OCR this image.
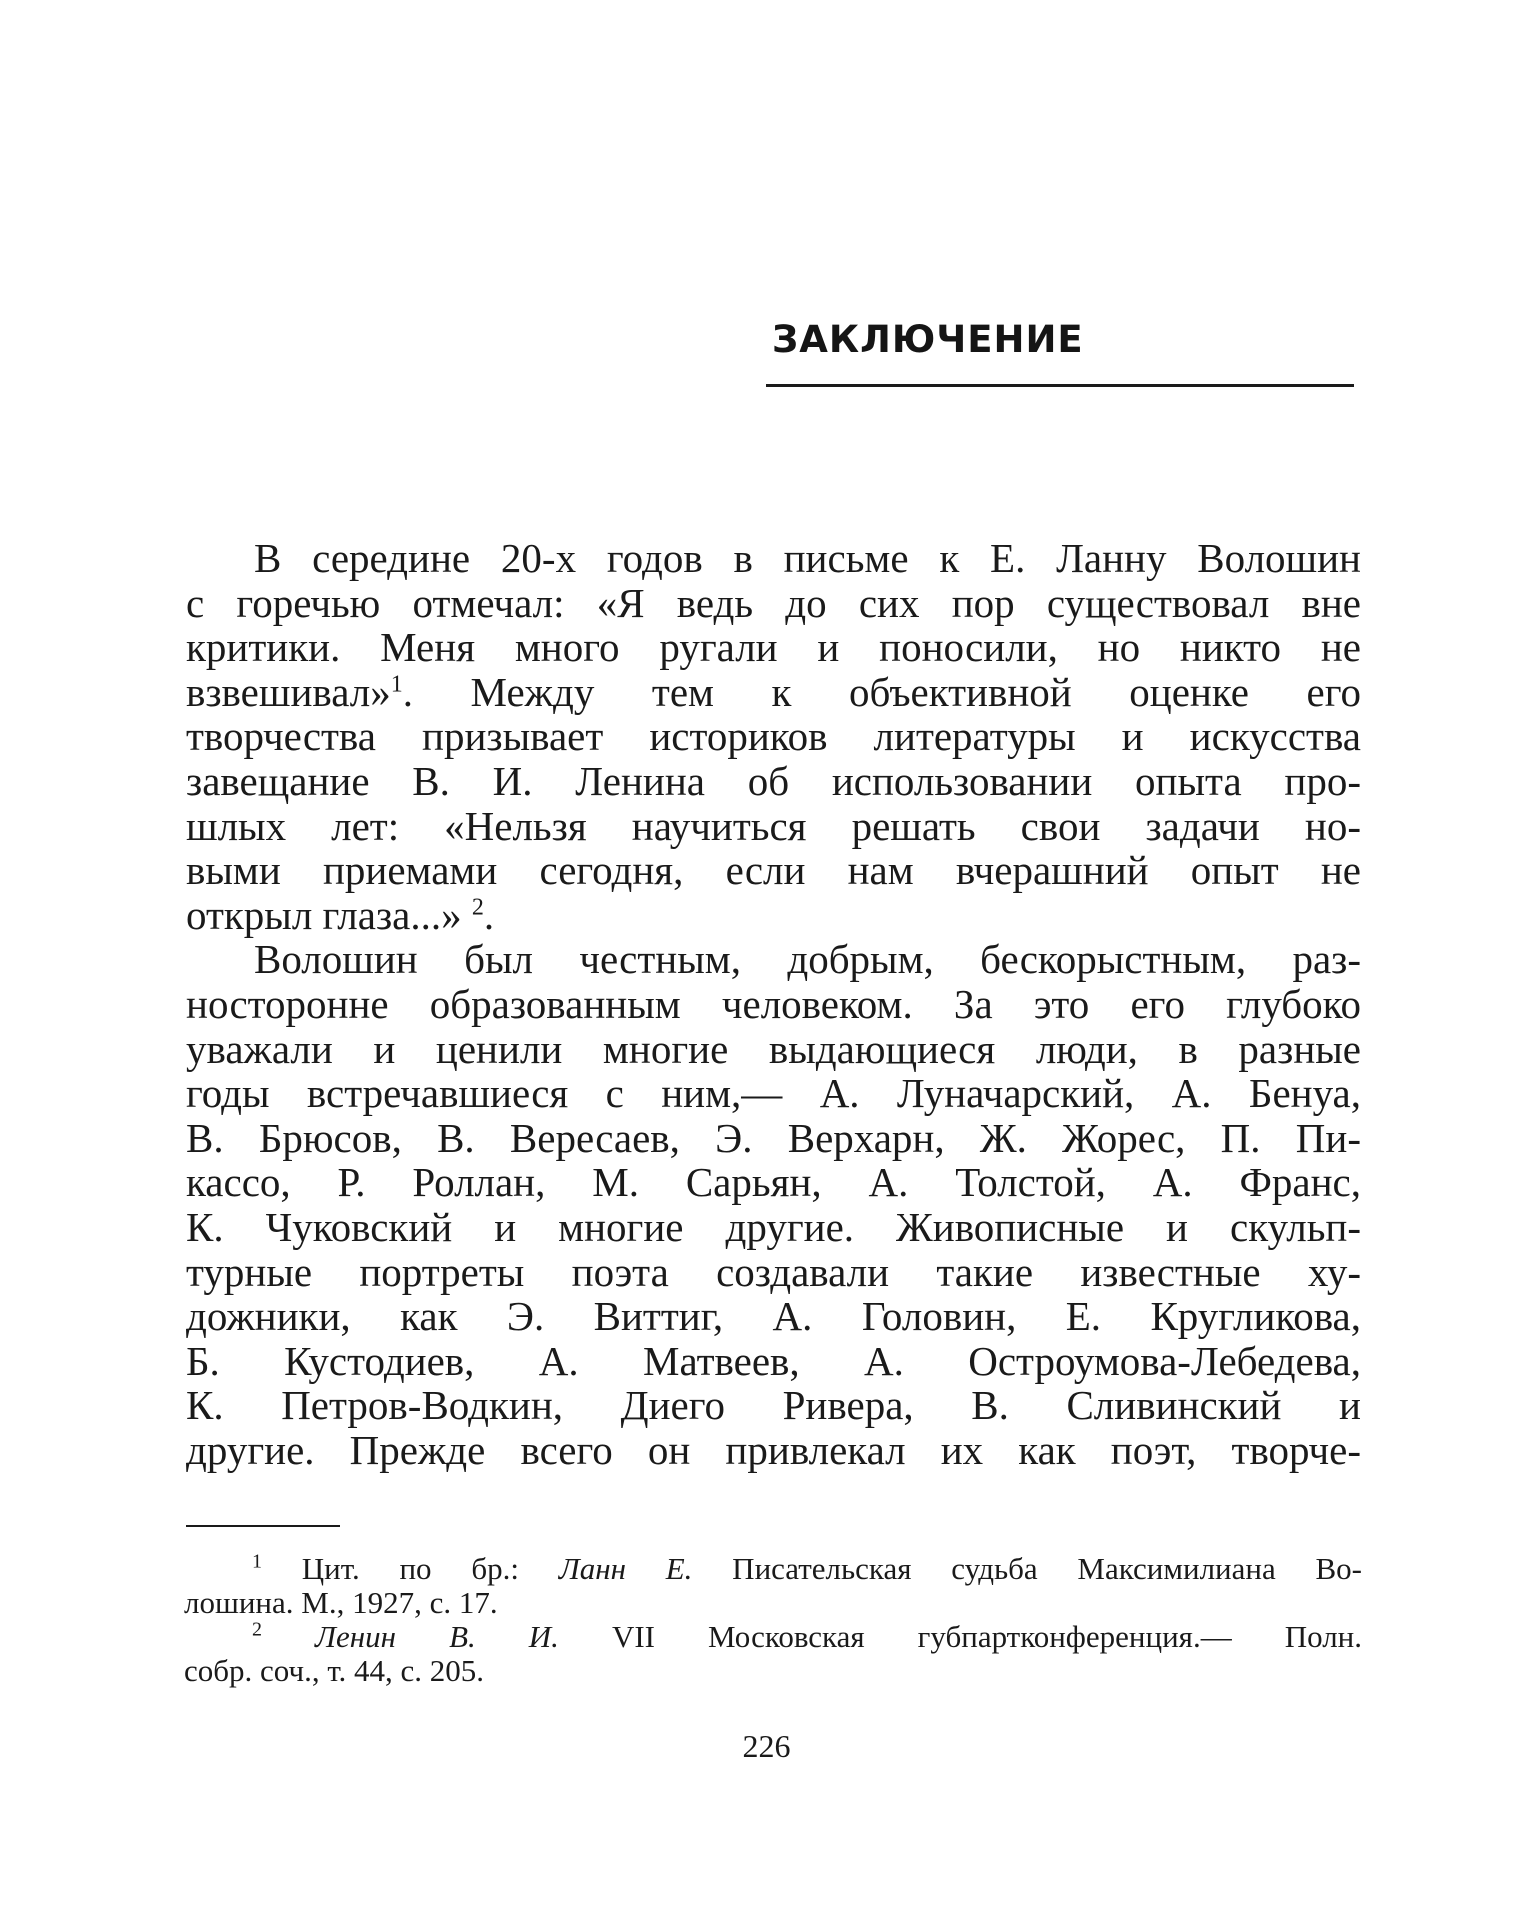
ЗАКЛЮЧЕНИЕ
В середине 20-х годов в письме к Е. Ланну Волошин
с горечью отмечал: «Я ведь до сих пор существовал вне
критики. Меня много ругали и поносили, но никто не
взвешивал»$^1$. Между тем к объективной оценке его
творчества призывает историков литературы и искусства
завещание В. И. Ленина об использовании опыта про-
шлых лет: «Нельзя научиться решать свои задачи но-
выми приемами сегодня, если нам вчерашний опыт не
открыл глаза...» $^2$.
Волошин был честным, добрым, бескорыстным, раз-
носторонне образованным человеком. За это его глубоко
уважали и ценили многие выдающиеся люди, в разные
годы встречавшиеся с ним,— А. Луначарский, А. Бенуа,
В. Брюсов, В. Вересаев, Э. Верхарн, Ж. Жорес, П. Пи-
кассо, Р. Роллан, М. Сарьян, А. Толстой, А. Франс,
К. Чуковский и многие другие. Живописные и скульп-
турные портреты поэта создавали такие известные ху-
дожники, как Э. Виттиг, А. Головин, Е. Кругликова,
Б. Кустодиев, А. Матвеев, А. Остроумова-Лебедева,
К. Петров-Водкин, Диего Ривера, В. Сливинский и
другие. Прежде всего он привлекал их как поэт, творче-
$^1$ Цит. по бр.: Ланн Е. Писательская судьба Максимилиана Во-
лошина. М., 1927, с. 17.
$^2$ Ленин В. И. VII Московская губпартконференция.— Полн.
собр. соч., т. 44, с. 205.
226
